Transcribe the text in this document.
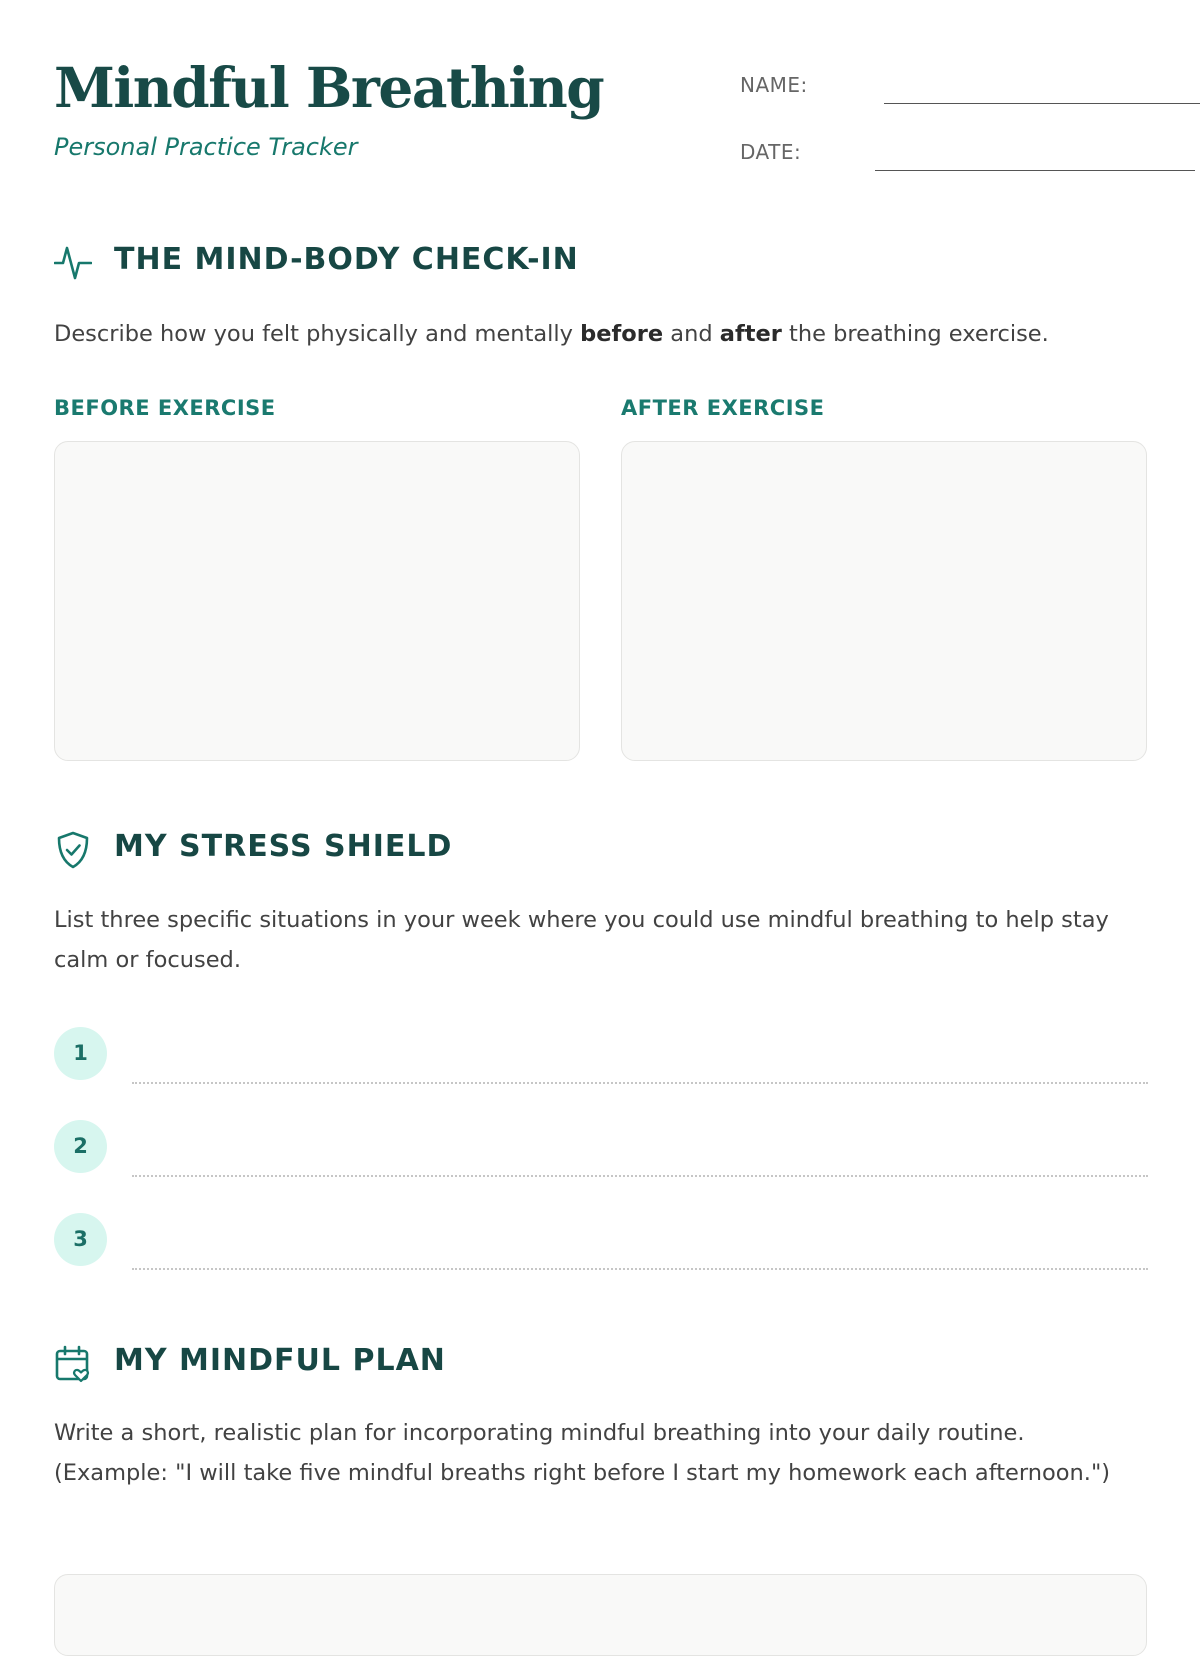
Mindful Breathing
Personal Practice Tracker
NAME:
DATE:
THE MIND-BODY CHECK-IN
Describe how you felt physically and mentally before and after the breathing exercise.
BEFORE EXERCISE	AFTER EXERCISE
MY STRESS SHIELD
List three specific situations in your week where you could use mindful breathing to help stay calm or focused.
1
2
3
MY MINDFUL PLAN
Write a short, realistic plan for incorporating mindful breathing into your daily routine. (Example: "I will take five mindful breaths right before I start my homework each afternoon.")
